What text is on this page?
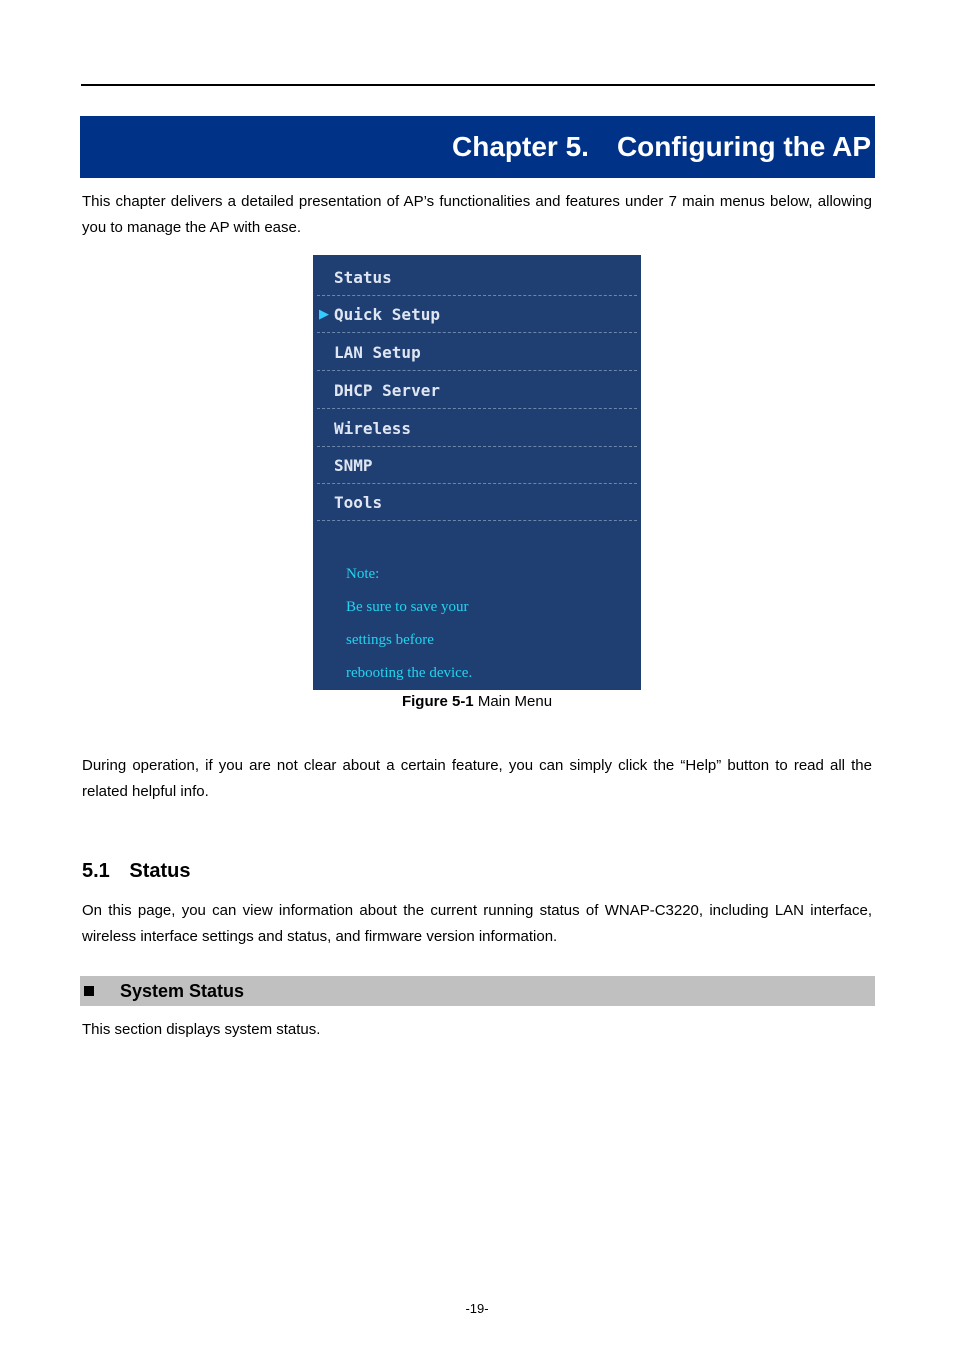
Chapter 5. Configuring the AP

This chapter delivers a detailed presentation of AP’s functionalities and features under 7 main menus below, allowing you to manage the AP with ease.

Status
▶ Quick Setup
LAN Setup
DHCP Server
Wireless
SNMP
Tools
Note:
Be sure to save your
settings before
rebooting the device.
Figure 5-1 Main Menu

During operation, if you are not clear about a certain feature, you can simply click the “Help” button to read all the related helpful info.

5.1 Status

On this page, you can view information about the current running status of WNAP-C3220, including LAN interface, wireless interface settings and status, and firmware version information.

System Status

This section displays system status.

-19-
